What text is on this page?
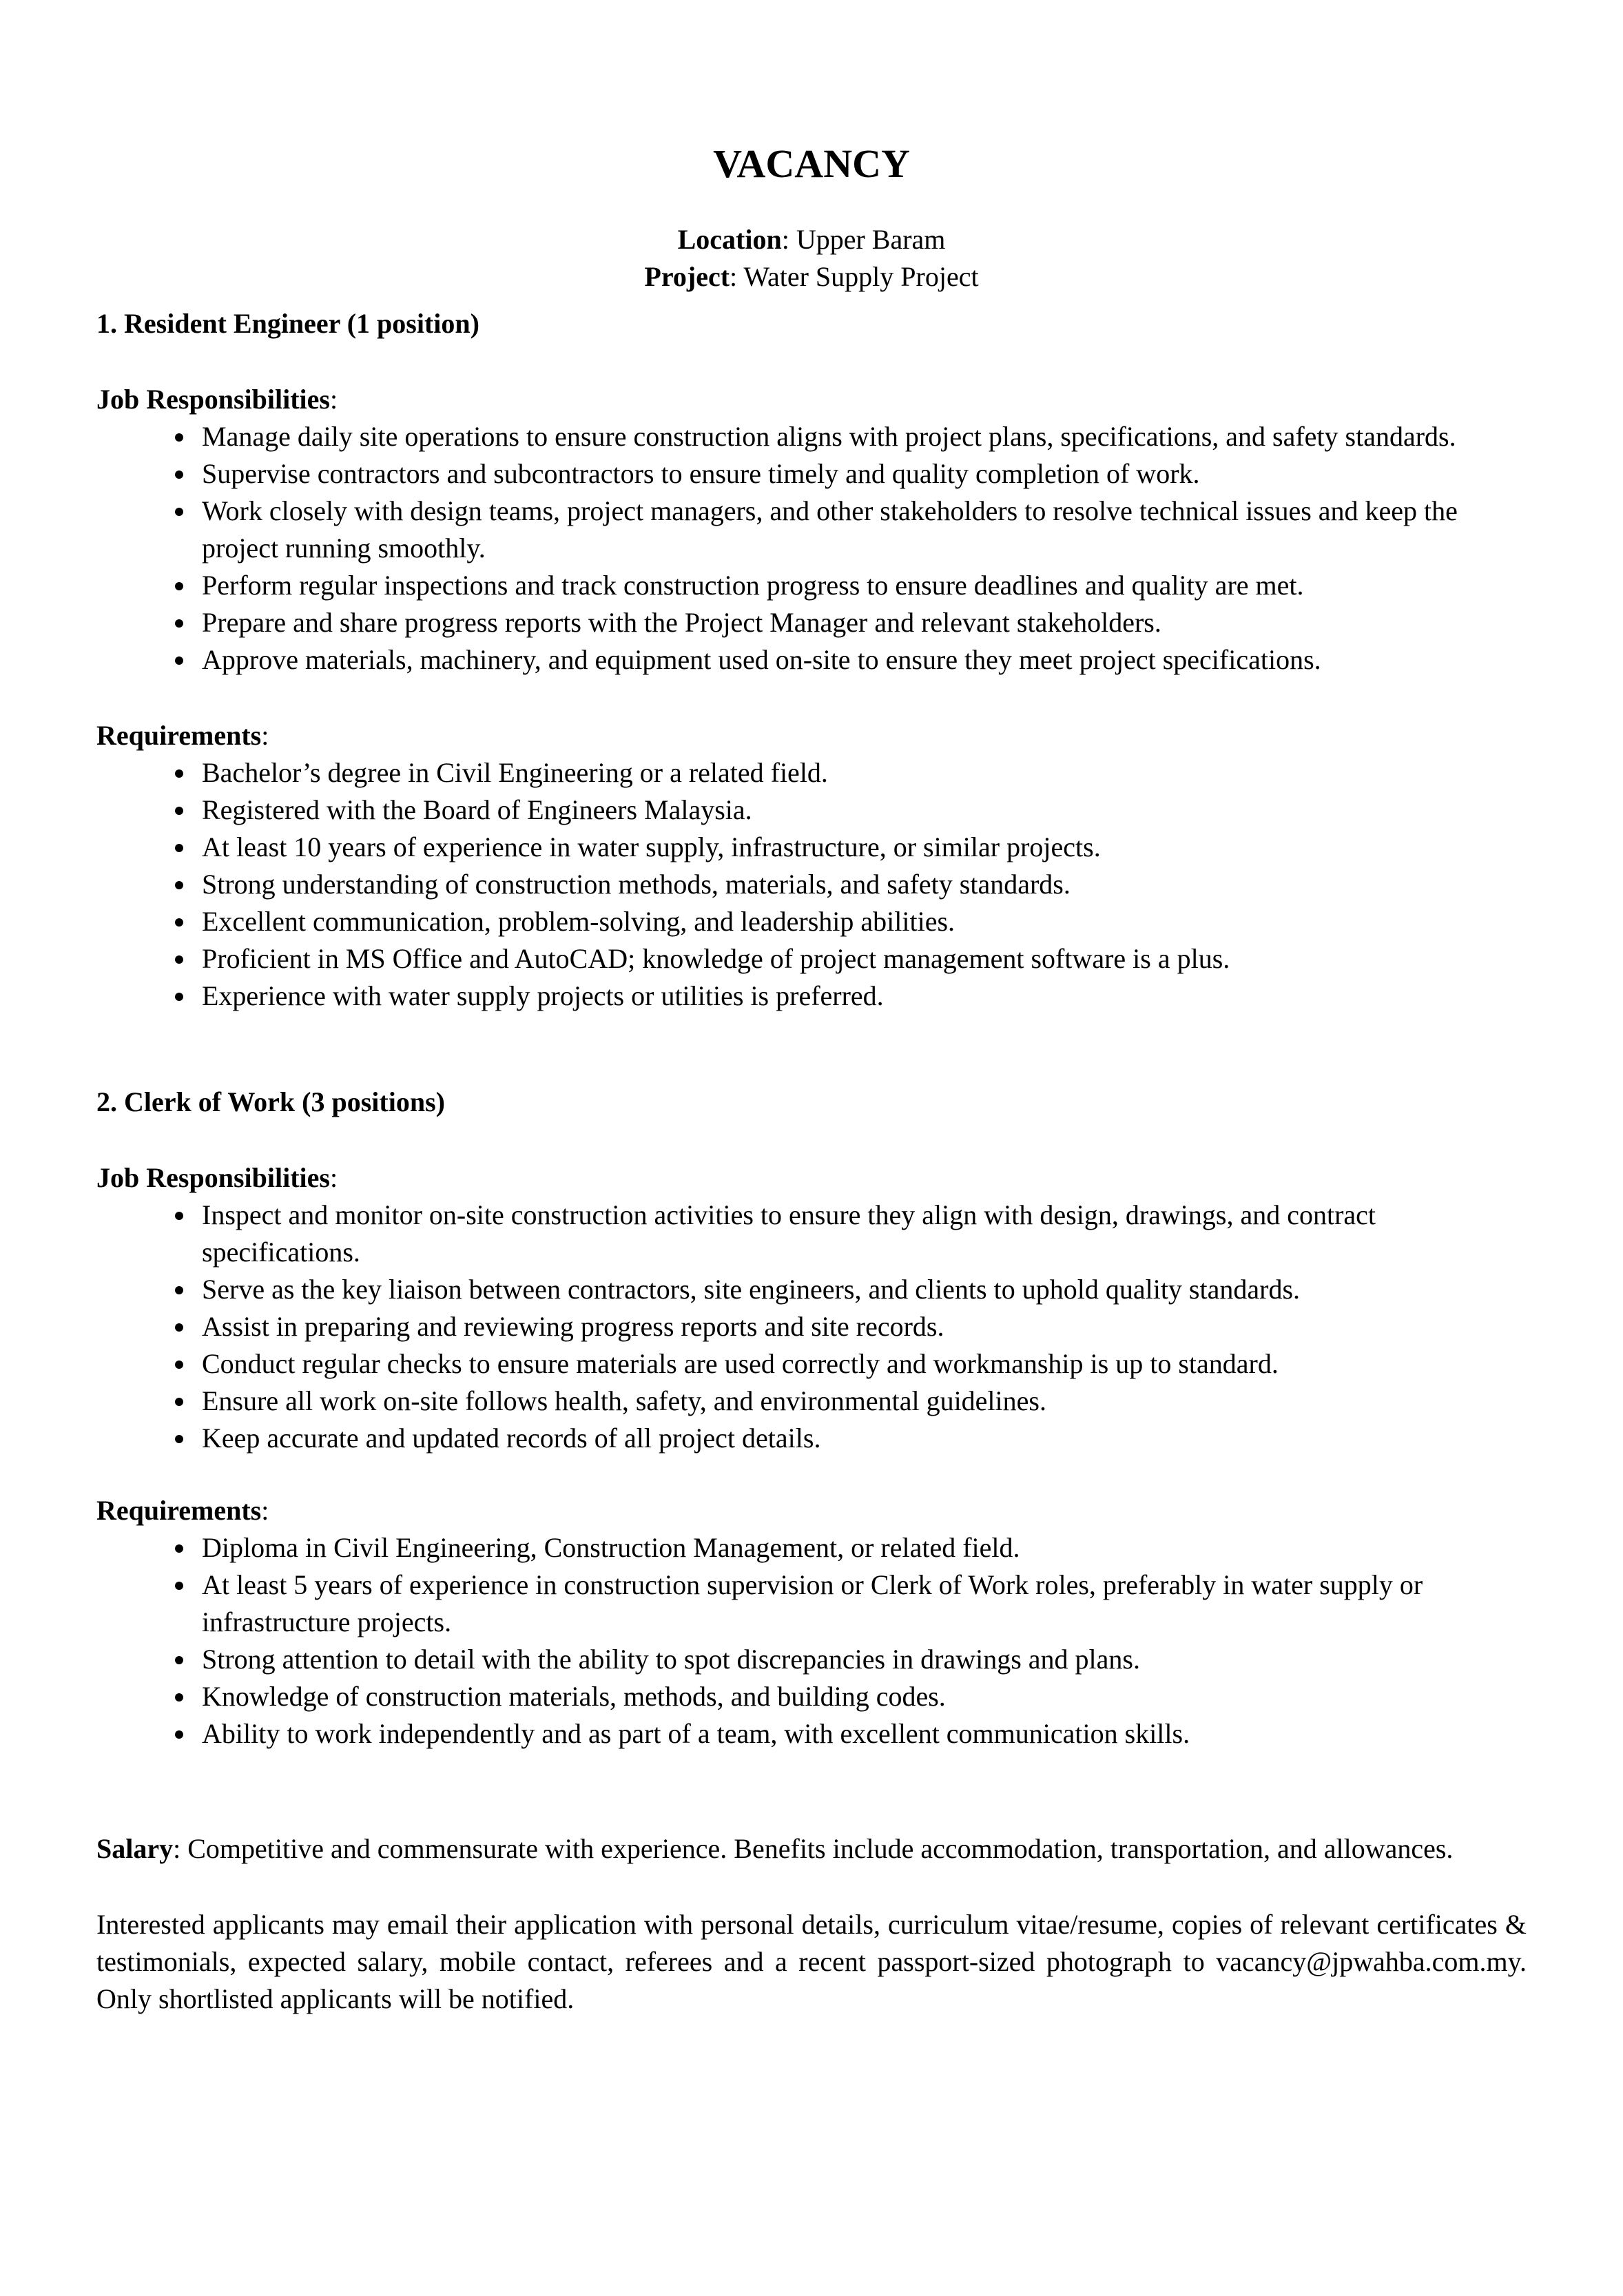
VACANCY

Location: Upper Baram

Project: Water Supply Project

1. Resident Engineer (1 position)

Job Responsibilities:

• Manage daily site operations to ensure construction aligns with project plans, specifications, and safety standards.
• Supervise contractors and subcontractors to ensure timely and quality completion of work.
• Work closely with design teams, project managers, and other stakeholders to resolve technical issues and keep the project running smoothly.
• Perform regular inspections and track construction progress to ensure deadlines and quality are met.
• Prepare and share progress reports with the Project Manager and relevant stakeholders.
• Approve materials, machinery, and equipment used on-site to ensure they meet project specifications.

Requirements:

• Bachelor’s degree in Civil Engineering or a related field.
• Registered with the Board of Engineers Malaysia.
• At least 10 years of experience in water supply, infrastructure, or similar projects.
• Strong understanding of construction methods, materials, and safety standards.
• Excellent communication, problem-solving, and leadership abilities.
• Proficient in MS Office and AutoCAD; knowledge of project management software is a plus.
• Experience with water supply projects or utilities is preferred.

2. Clerk of Work (3 positions)

Job Responsibilities:

• Inspect and monitor on-site construction activities to ensure they align with design, drawings, and contract specifications.
• Serve as the key liaison between contractors, site engineers, and clients to uphold quality standards.
• Assist in preparing and reviewing progress reports and site records.
• Conduct regular checks to ensure materials are used correctly and workmanship is up to standard.
• Ensure all work on-site follows health, safety, and environmental guidelines.
• Keep accurate and updated records of all project details.

Requirements:

• Diploma in Civil Engineering, Construction Management, or related field.
• At least 5 years of experience in construction supervision or Clerk of Work roles, preferably in water supply or infrastructure projects.
• Strong attention to detail with the ability to spot discrepancies in drawings and plans.
• Knowledge of construction materials, methods, and building codes.
• Ability to work independently and as part of a team, with excellent communication skills.

Salary: Competitive and commensurate with experience. Benefits include accommodation, transportation, and allowances.

Interested applicants may email their application with personal details, curriculum vitae/resume, copies of relevant certificates & testimonials, expected salary, mobile contact, referees and a recent passport-sized photograph to vacancy@jpwahba.com.my. Only shortlisted applicants will be notified.
